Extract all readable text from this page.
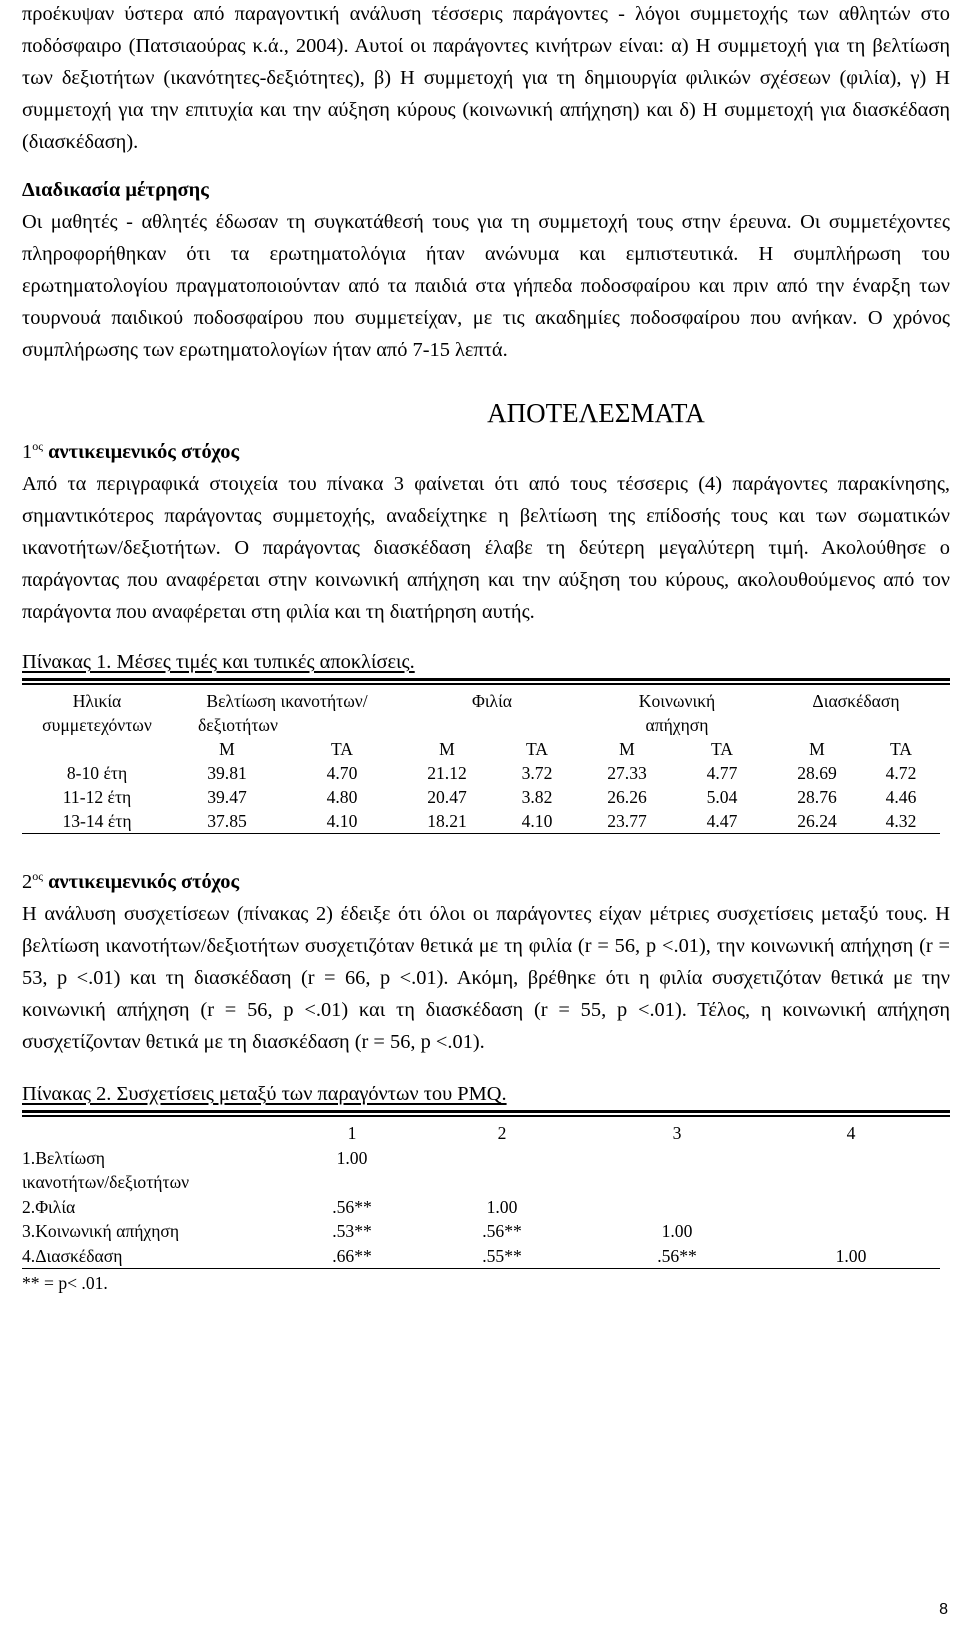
προέκυψαν ύστερα από παραγοντική ανάλυση τέσσερις παράγοντες - λόγοι συμμετοχής των αθλητών στο ποδόσφαιρο (Πατσιαούρας κ.ά., 2004). Αυτοί οι παράγοντες κινήτρων είναι: α) Η συμμετοχή για τη βελτίωση των δεξιοτήτων (ικανότητες-δεξιότητες), β) Η συμμετοχή για τη δημιουργία φιλικών σχέσεων (φιλία), γ) Η συμμετοχή για την επιτυχία και την αύξηση κύρους (κοινωνική απήχηση) και δ) Η συμμετοχή για διασκέδαση (διασκέδαση).

Διαδικασία μέτρησης

Οι μαθητές - αθλητές έδωσαν τη συγκατάθεσή τους για τη συμμετοχή τους στην έρευνα. Οι συμμετέχοντες πληροφορήθηκαν ότι τα ερωτηματολόγια ήταν ανώνυμα και εμπιστευτικά. Η συμπλήρωση του ερωτηματολογίου πραγματοποιούνταν από τα παιδιά στα γήπεδα ποδοσφαίρου και πριν από την έναρξη των τουρνουά παιδικού ποδοσφαίρου που συμμετείχαν, με τις ακαδημίες ποδοσφαίρου που ανήκαν. Ο χρόνος συμπλήρωσης των ερωτηματολογίων ήταν από 7-15 λεπτά.

ΑΠΟΤΕΛΕΣΜΑΤΑ

$1^{o\varsigma}$ αντικειμενικός στόχος

Από τα περιγραφικά στοιχεία του πίνακα 3 φαίνεται ότι από τους τέσσερις (4) παράγοντες παρακίνησης, σημαντικότερος παράγοντας συμμετοχής, αναδείχτηκε η βελτίωση της επίδοσής τους και των σωματικών ικανοτήτων/δεξιοτήτων. Ο παράγοντας διασκέδαση έλαβε τη δεύτερη μεγαλύτερη τιμή. Ακολούθησε ο παράγοντας που αναφέρεται στην κοινωνική απήχηση και την αύξηση του κύρους, ακολουθούμενος από τον παράγοντα που αναφέρεται στη φιλία και τη διατήρηση αυτής.

Πίνακας 1. Μέσες τιμές και τυπικές αποκλίσεις.

Ηλικία	Βελτίωση ικανοτήτων/		Φιλία		Κοινωνική		Διασκέδαση	
συμμετεχόντων	δεξιοτήτων				απήχηση			
	Μ	ΤΑ	Μ	ΤΑ	Μ	ΤΑ	Μ	ΤΑ
8-10 έτη	39.81	4.70	21.12	3.72	27.33	4.77	28.69	4.72
11-12 έτη	39.47	4.80	20.47	3.82	26.26	5.04	28.76	4.46
13-14 έτη	37.85	4.10	18.21	4.10	23.77	4.47	26.24	4.32

$2^{o\varsigma}$ αντικειμενικός στόχος

Η ανάλυση συσχετίσεων (πίνακας 2) έδειξε ότι όλοι οι παράγοντες είχαν μέτριες συσχετίσεις μεταξύ τους. Η βελτίωση ικανοτήτων/δεξιοτήτων συσχετιζόταν θετικά με τη φιλία (r = 56, p <.01), την κοινωνική απήχηση (r = 53, p <.01) και τη διασκέδαση (r = 66, p <.01). Ακόμη, βρέθηκε ότι η φιλία συσχετιζόταν θετικά με την κοινωνική απήχηση (r = 56, p <.01) και τη διασκέδαση (r = 55, p <.01). Τέλος, η κοινωνική απήχηση συσχετίζονταν θετικά με τη διασκέδαση (r = 56, p <.01).

Πίνακας 2. Συσχετίσεις μεταξύ των παραγόντων του PMQ.

	1	2	3	4
1.Βελτίωση	1.00			
ικανοτήτων/δεξιοτήτων				
2.Φιλία	.56**	1.00		
3.Κοινωνική απήχηση	.53**	.56**	1.00	
4.Διασκέδαση	.66**	.55**	.56**	1.00

** = p< .01.

8
